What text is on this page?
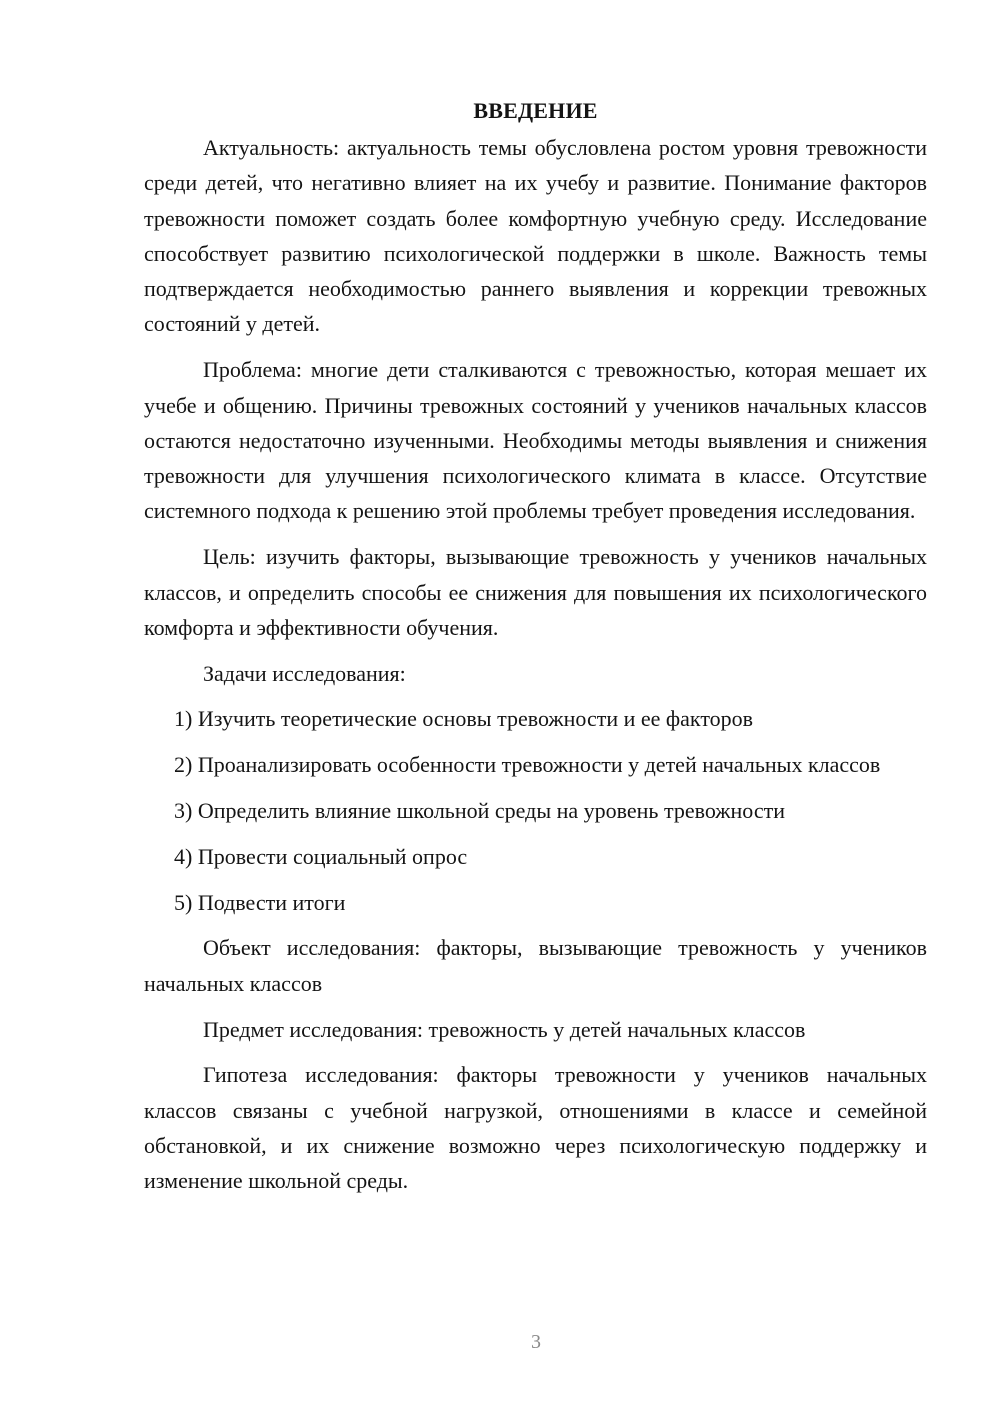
ВВЕДЕНИЕ

Актуальность: актуальность темы обусловлена ростом уровня тревожности среди детей, что негативно влияет на их учебу и развитие. Понимание факторов тревожности поможет создать более комфортную учебную среду. Исследование способствует развитию психологической поддержки в школе. Важность темы подтверждается необходимостью раннего выявления и коррекции тревожных состояний у детей.

Проблема: многие дети сталкиваются с тревожностью, которая мешает их учебе и общению. Причины тревожных состояний у учеников начальных классов остаются недостаточно изученными. Необходимы методы выявления и снижения тревожности для улучшения психологического климата в классе. Отсутствие системного подхода к решению этой проблемы требует проведения исследования.

Цель: изучить факторы, вызывающие тревожность у учеников начальных классов, и определить способы ее снижения для повышения их психологического комфорта и эффективности обучения.

Задачи исследования:

1) Изучить теоретические основы тревожности и ее факторов

2) Проанализировать особенности тревожности у детей начальных классов

3) Определить влияние школьной среды на уровень тревожности

4) Провести социальный опрос

5) Подвести итоги

Объект исследования: факторы, вызывающие тревожность у учеников начальных классов

Предмет исследования: тревожность у детей начальных классов

Гипотеза исследования: факторы тревожности у учеников начальных классов связаны с учебной нагрузкой, отношениями в классе и семейной обстановкой, и их снижение возможно через психологическую поддержку и изменение школьной среды.

3
